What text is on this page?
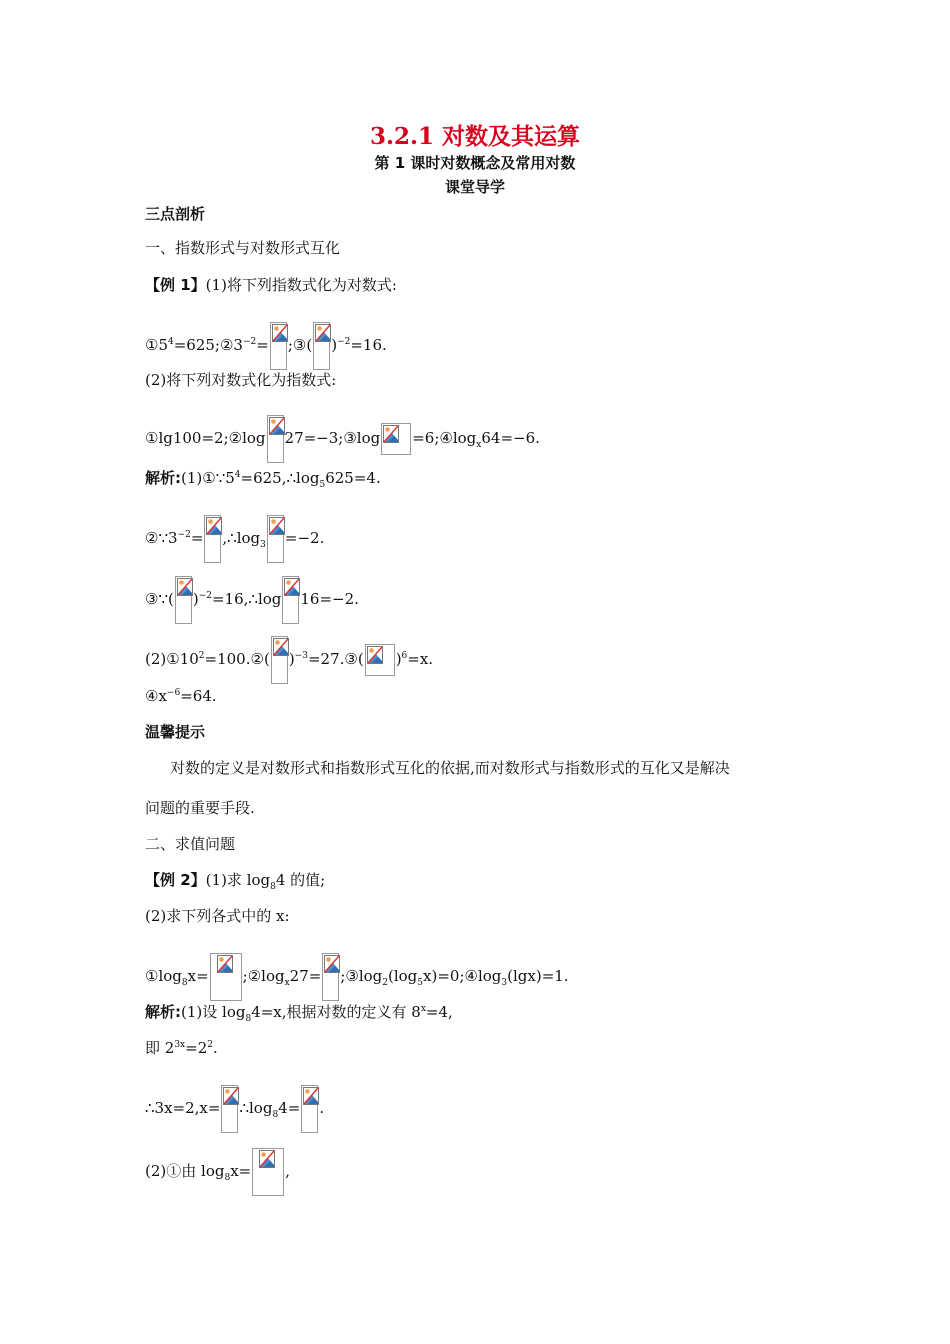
3.2.1 对数及其运算
第 1 课时对数概念及常用对数
课堂导学
三点剖析
一、指数形式与对数形式互化
【例 1】(1)将下列指数式化为对数式:
$①5^4=625;②3^{-2}=$ ;③( )$^{-2}$=16.
(2)将下列对数式化为指数式:
①lg100=2;②log 27=−3;③log $=6;④\log_x64=-6$.
解析$:(1)①\because 5^4=625,\therefore\log_5625=4$.
$②\because 3^{-2}=$ $,\therefore\log_3 =-2$.
③∵( )$^{-2}$=16,∴log 16=−2.
$(2)①10^2=100.②$( )$^{-3}$=27.③( )$^6$=x.
$④x^{-6}=64$.
温馨提示
对数的定义是对数形式和指数形式互化的依据,而对数形式与指数形式的互化又是解决
问题的重要手段.
二、求值问题
【例 2】(1)求 $\log_84$ 的值;
(2)求下列各式中的 x:
$①\log_8x=$ $;②\log_x27=$ $;③\log_2(\log_5x)=0;④\log_3(\lg x)=1$.
解析:(1)设 $\log_84=x$,根据对数的定义有 $8^x=4$,
即 $2^{3x}=2^2$.
∴3x=2,x= $\therefore\log_84=$ .
(2)①由 $\log_8x=$ ,
